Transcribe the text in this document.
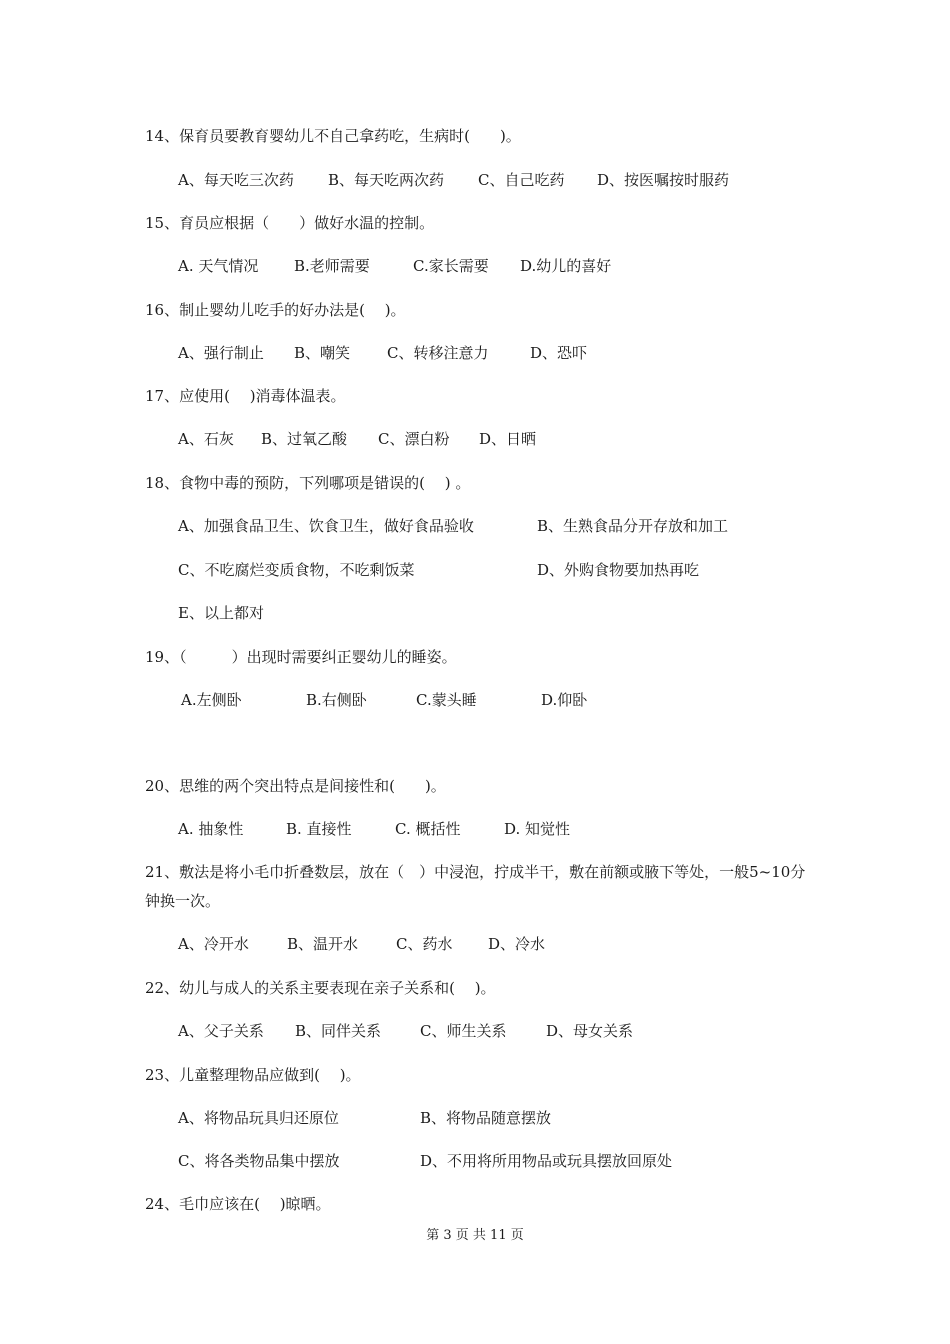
14、保育员要教育婴幼儿不自己拿药吃，生病时(　　)。
A、每天吃三次药 B、每天吃两次药 C、自己吃药 D、按医嘱按时服药
15、育员应根据（　　）做好水温的控制。
A. 天气情况 B.老师需要	C.家长需要 D.幼儿的喜好
16、制止婴幼儿吃手的好办法是(　 )。
A、强行制止 B、嘲笑 C、转移注意力	D、恐吓
17、应使用(　 )消毒体温表。
A、石灰 B、过氧乙酸 C、漂白粉 D、日晒
18、食物中毒的预防，下列哪项是错误的(　 ) 。
A、加强食品卫生、饮食卫生，做好食品验收	B、生熟食品分开存放和加工
C、不吃腐烂变质食物，不吃剩饭菜	D、外购食物要加热再吃
E、以上都对
19、（　　　）出现时需要纠正婴幼儿的睡姿。
A.左侧卧	B.右侧卧	C.蒙头睡	D.仰卧
20、思维的两个突出特点是间接性和(　　)。
A. 抽象性	B. 直接性	C. 概括性	D. 知觉性
21、敷法是将小毛巾折叠数层，放在（　）中浸泡，拧成半干，敷在前额或腋下等处，一般5~10分钟换一次。
A、冷开水	B、温开水	C、药水 D、冷水
22、幼儿与成人的关系主要表现在亲子关系和(　 )。
A、父子关系 B、同伴关系	C、师生关系	D、母女关系
23、儿童整理物品应做到(　 )。
A、将物品玩具归还原位	B、将物品随意摆放
C、将各类物品集中摆放	D、不用将所用物品或玩具摆放回原处
24、毛巾应该在(　 )晾晒。
第 3 页 共 11 页
